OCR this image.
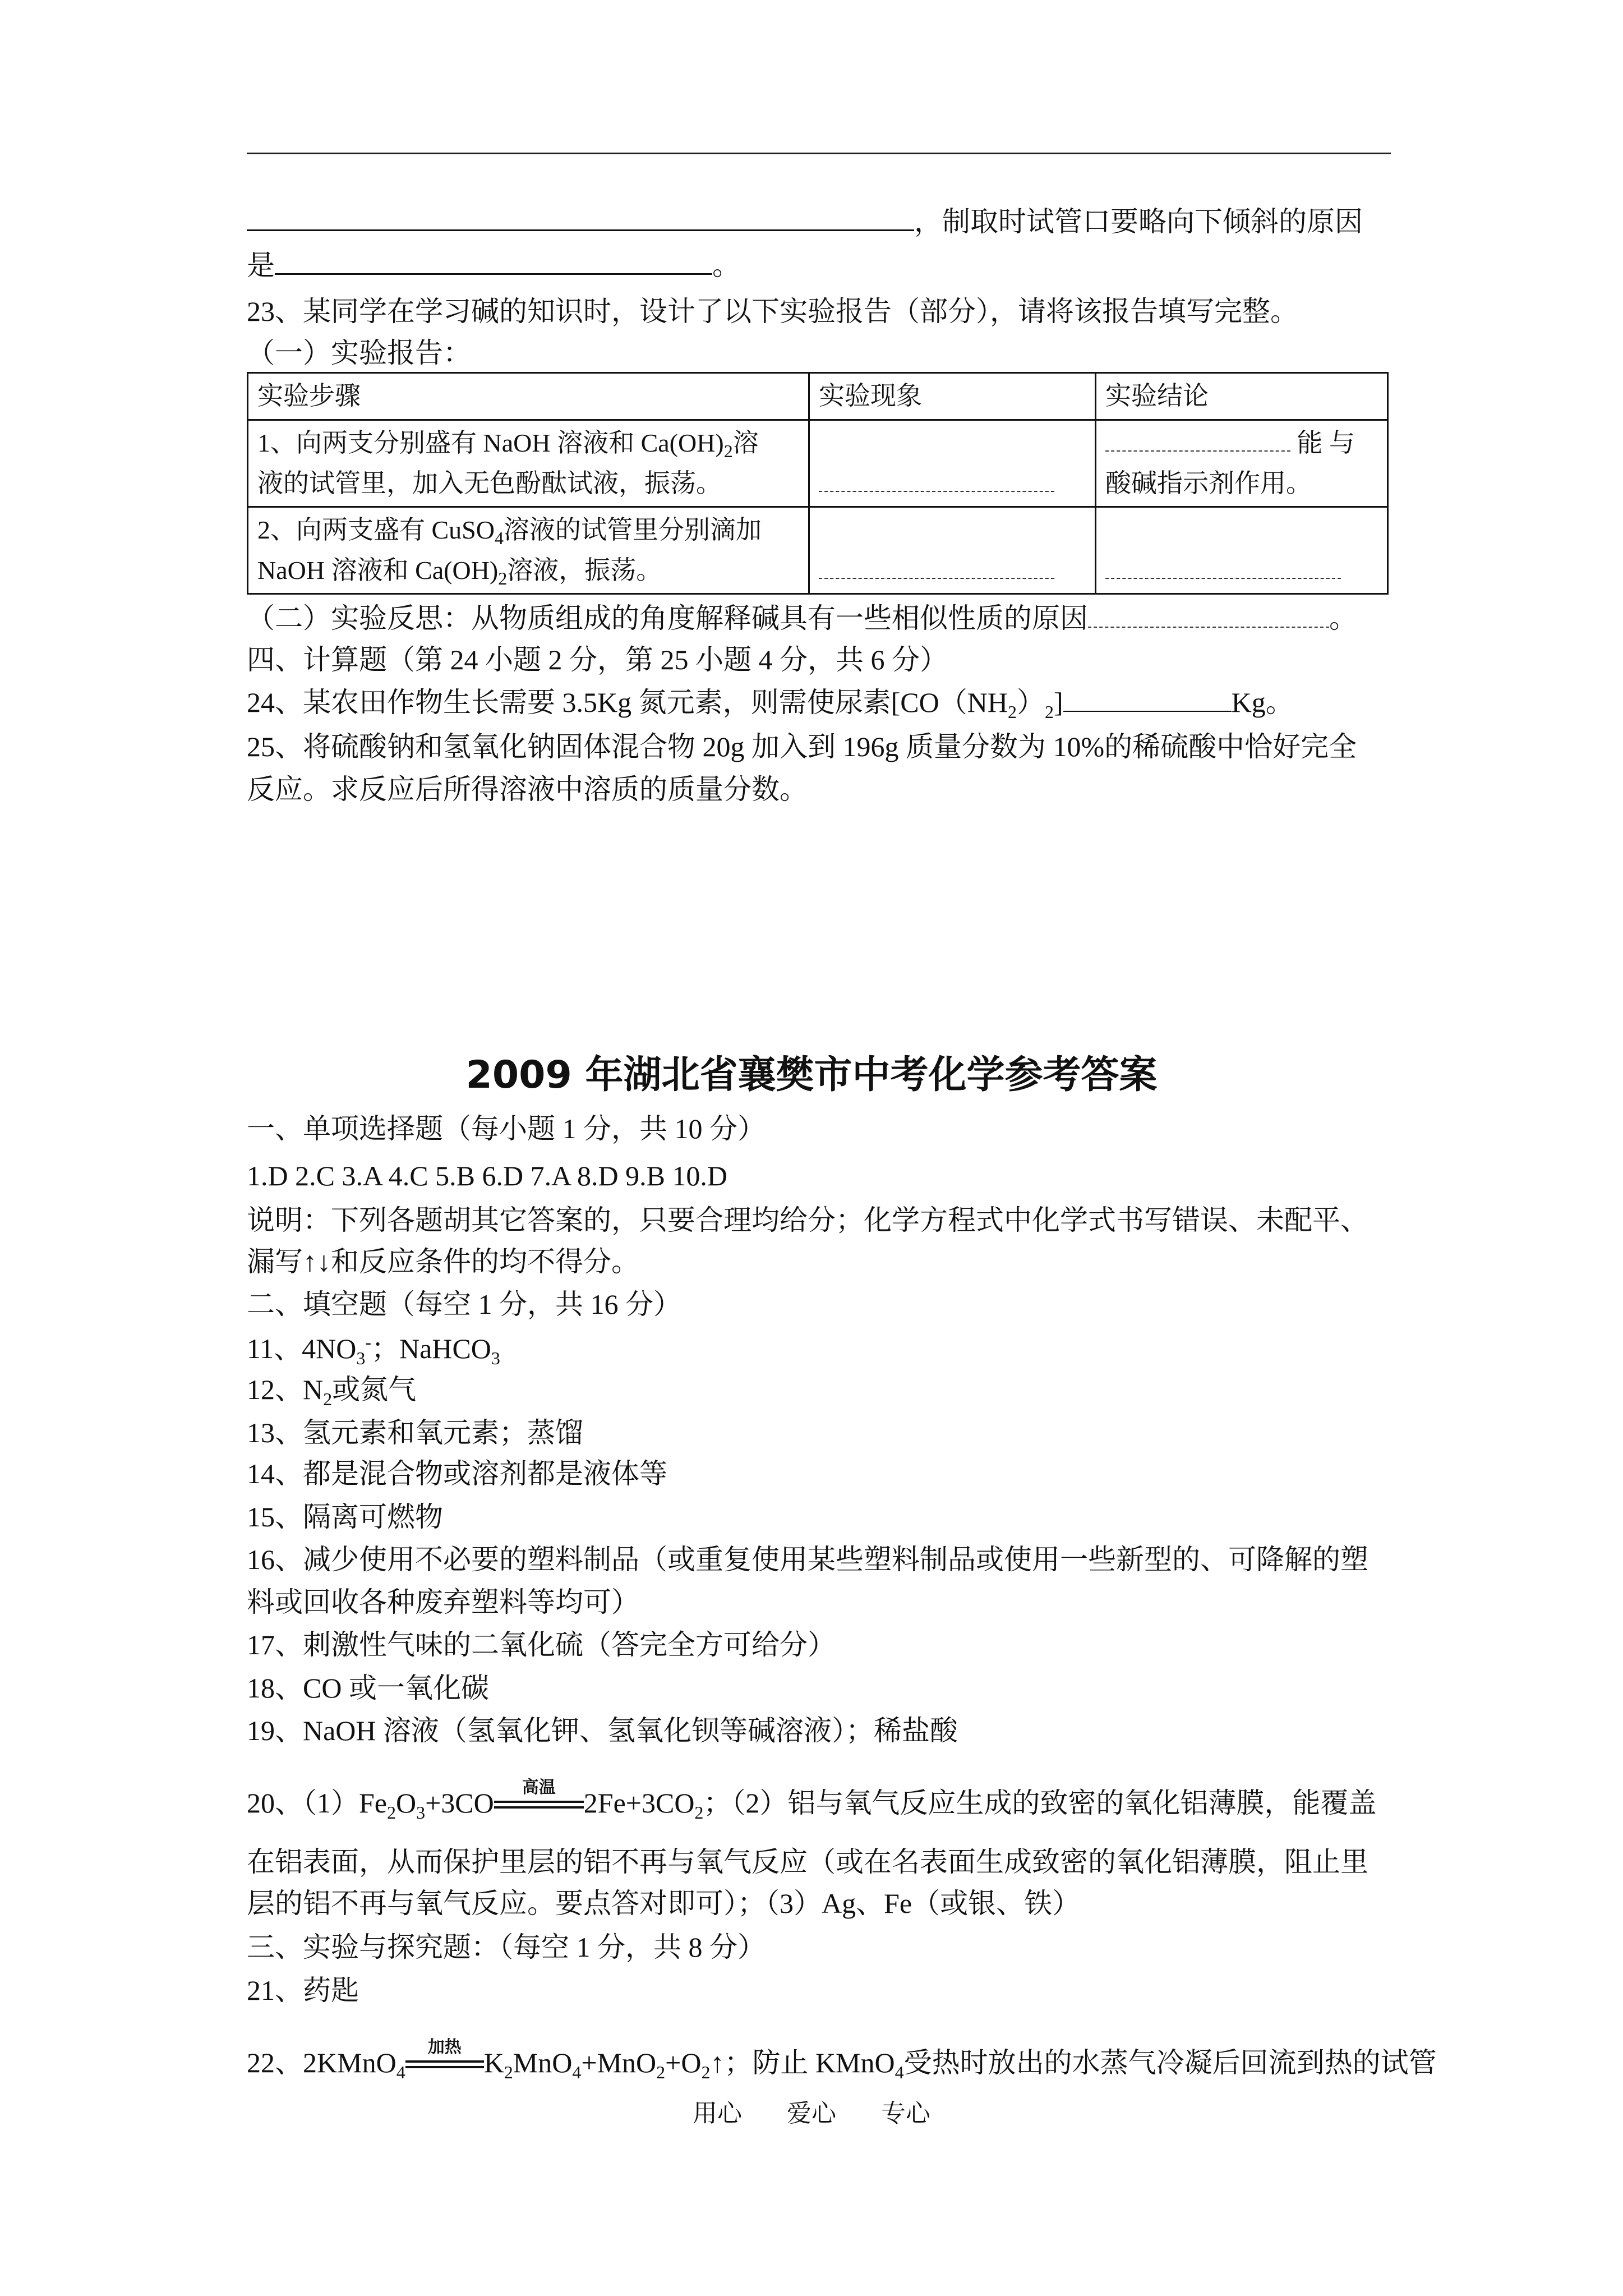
，制取时试管口要略向下倾斜的原因
是	。
23、某同学在学习碱的知识时，设计了以下实验报告（部分），请将该报告填写完整。
（一）实验报告：
实验步骤	实验现象	实验结论
1、向两支分别盛有 NaOH 溶液和 $Ca(OH)_2$溶
液的试管里，加入无色酚酞试液，振荡。		能 与
酸碱指示剂作用。
2、向两支盛有 CuSO$_4$溶液的试管里分别滴加
NaOH 溶液和 $Ca(OH)_2$溶液，振荡。		
（二）实验反思：从物质组成的角度解释碱具有一些相似性质的原因	。
四、计算题（第 24 小题 2 分，第 25 小题 4 分，共 6 分）
24、某农田作物生长需要 3.5Kg 氮元素，则需使尿素$[CO(NH_2)_2]$	Kg。
25、将硫酸钠和氢氧化钠固体混合物 20g 加入到 196g 质量分数为 10%的稀硫酸中恰好完全
反应。求反应后所得溶液中溶质的质量分数。
2009 年湖北省襄樊市中考化学参考答案
一、单项选择题（每小题 1 分，共 10 分）
1.D 2.C 3.A 4.C 5.B 6.D 7.A 8.D 9.B 10.D
说明：下列各题胡其它答案的，只要合理均给分；化学方程式中化学式书写错误、未配平、
漏写↑↓和反应条件的均不得分。
二、填空题（每空 1 分，共 16 分）
11、$4NO_3^-$；NaHCO$_3$
12、$N_2$或氮气
13、氢元素和氧元素；蒸馏
14、都是混合物或溶剂都是液体等
15、隔离可燃物
16、减少使用不必要的塑料制品（或重复使用某些塑料制品或使用一些新型的、可降解的塑
料或回收各种废弃塑料等均可）
17、刺激性气味的二氧化硫（答完全方可给分）
18、CO 或一氧化碳
19、NaOH 溶液（氢氧化钾、氢氧化钡等碱溶液）；稀盐酸
20、$(1)Fe_2O_3+3CO$	高温	$2Fe+3CO_2$；（2）铝与氧气反应生成的致密的氧化铝薄膜，能覆盖
在铝表面，从而保护里层的铝不再与氧气反应（或在名表面生成致密的氧化铝薄膜，阻止里
层的铝不再与氧气反应。要点答对即可）；（3）Ag、Fe（或银、铁）
三、实验与探究题：（每空 1 分，共 8 分）
21、药匙
22、2KMnO$_4$
加热 $K_2MnO_4+MnO_2+O_2↑$；防止 KMnO$_4$受热时放出的水蒸气冷凝后回流到热的试管
用心 爱心 专心
